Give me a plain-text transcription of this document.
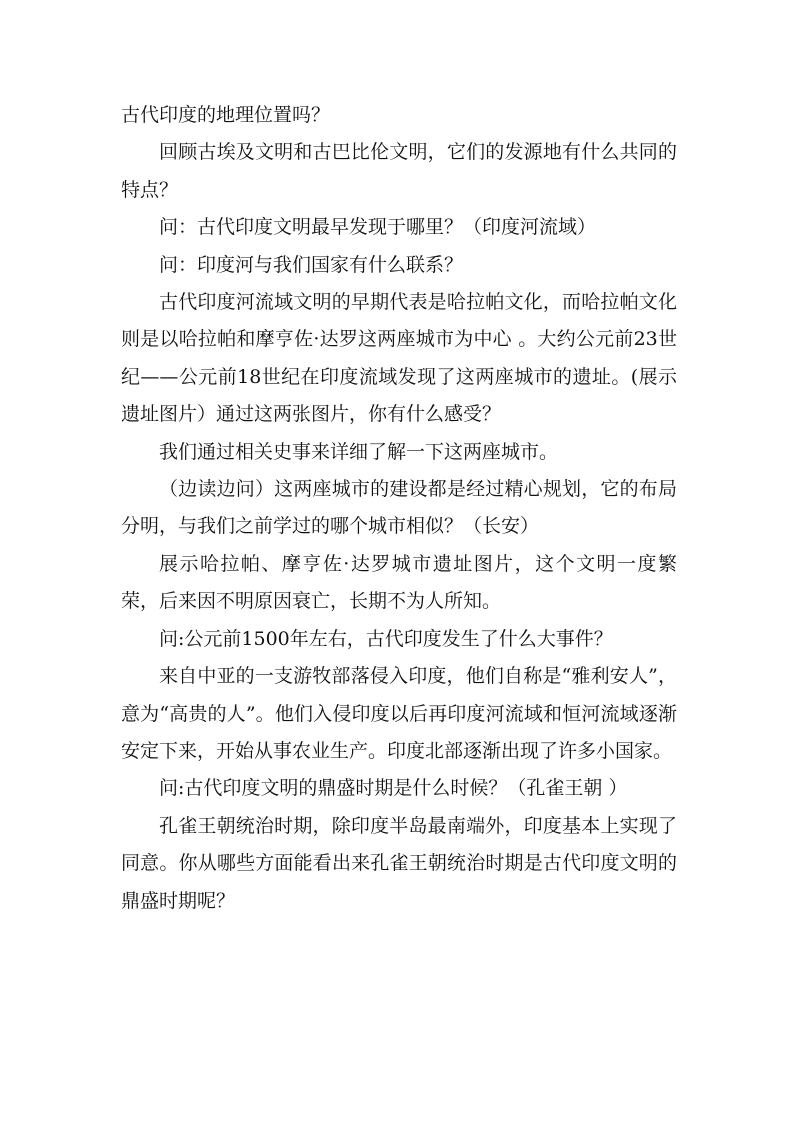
古代印度的地理位置吗？

回顾古埃及文明和古巴比伦文明，它们的发源地有什么共同的特点？

问：古代印度文明最早发现于哪里？（印度河流域）

问：印度河与我们国家有什么联系？

古代印度河流域文明的早期代表是哈拉帕文化，而哈拉帕文化则是以哈拉帕和摩亨佐·达罗这两座城市为中心 。大约公元前23世纪——公元前18世纪在印度流域发现了这两座城市的遗址。(展示遗址图片）通过这两张图片，你有什么感受？

我们通过相关史事来详细了解一下这两座城市。

（边读边问）这两座城市的建设都是经过精心规划，它的布局分明，与我们之前学过的哪个城市相似？（长安）

展示哈拉帕、摩亨佐·达罗城市遗址图片，这个文明一度繁荣，后来因不明原因衰亡，长期不为人所知。

问:公元前1500年左右，古代印度发生了什么大事件？

来自中亚的一支游牧部落侵入印度，他们自称是“雅利安人”，意为“高贵的人”。他们入侵印度以后再印度河流域和恒河流域逐渐安定下来，开始从事农业生产。印度北部逐渐出现了许多小国家。

问:古代印度文明的鼎盛时期是什么时候？（孔雀王朝 ）

孔雀王朝统治时期，除印度半岛最南端外，印度基本上实现了同意。你从哪些方面能看出来孔雀王朝统治时期是古代印度文明的鼎盛时期呢？
